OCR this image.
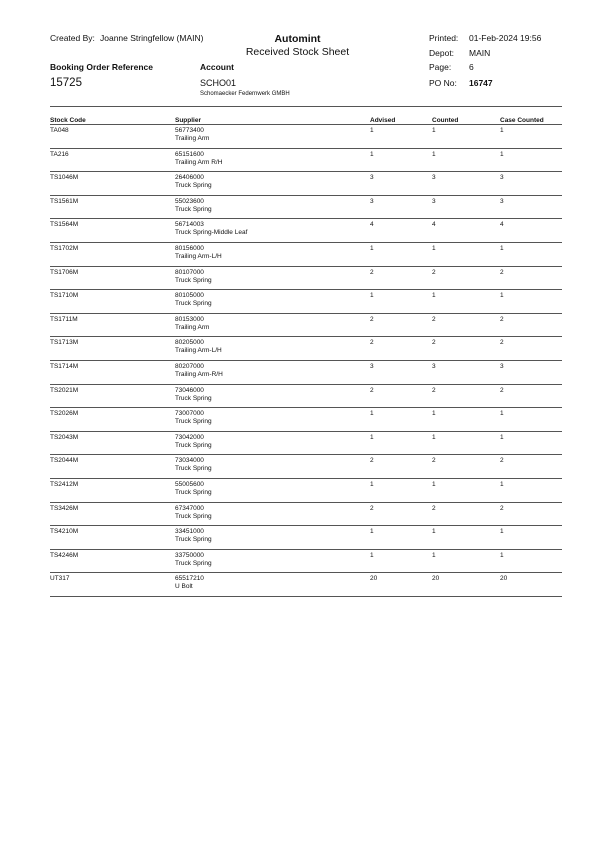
Created By: Joanne Stringfellow (MAIN)	Printed: 01-Feb-2024 19:56
Automint
Received Stock Sheet	Depot: MAIN
Booking Order Reference	Account	Page: 6
15725	SCHO01	PO No: 16747
Schomaecker Federnwerk GMBH
Stock Code	Supplier	Advised	Counted	Case Counted
TA048	56773400
Trailing Arm	1	1	1
TA216	65151600
Trailing Arm R/H	1	1	1
TS1046M	26406000
Truck Spring	3	3	3
TS1561M	55023600
Truck Spring	3	3	3
TS1564M	56714003
Truck Spring-Middle Leaf	4	4	4
TS1702M	80156000
Trailing Arm-L/H	1	1	1
TS1706M	80107000
Truck Spring	2	2	2
TS1710M	80105000
Truck Spring	1	1	1
TS1711M	80153000
Trailing Arm	2	2	2
TS1713M	80205000
Trailing Arm-L/H	2	2	2
TS1714M	80207000
Trailing Arm-R/H	3	3	3
TS2021M	73046000
Truck Spring	2	2	2
TS2026M	73007000
Truck Spring	1	1	1
TS2043M	73042000
Truck Spring	1	1	1
TS2044M	73034000
Truck Spring	2	2	2
TS2412M	55005600
Truck Spring	1	1	1
TS3426M	67347000
Truck Spring	2	2	2
TS4210M	33451000
Truck Spring	1	1	1
TS4246M	33750000
Truck Spring	1	1	1
UT317	65517210
U Bolt	20	20	20
